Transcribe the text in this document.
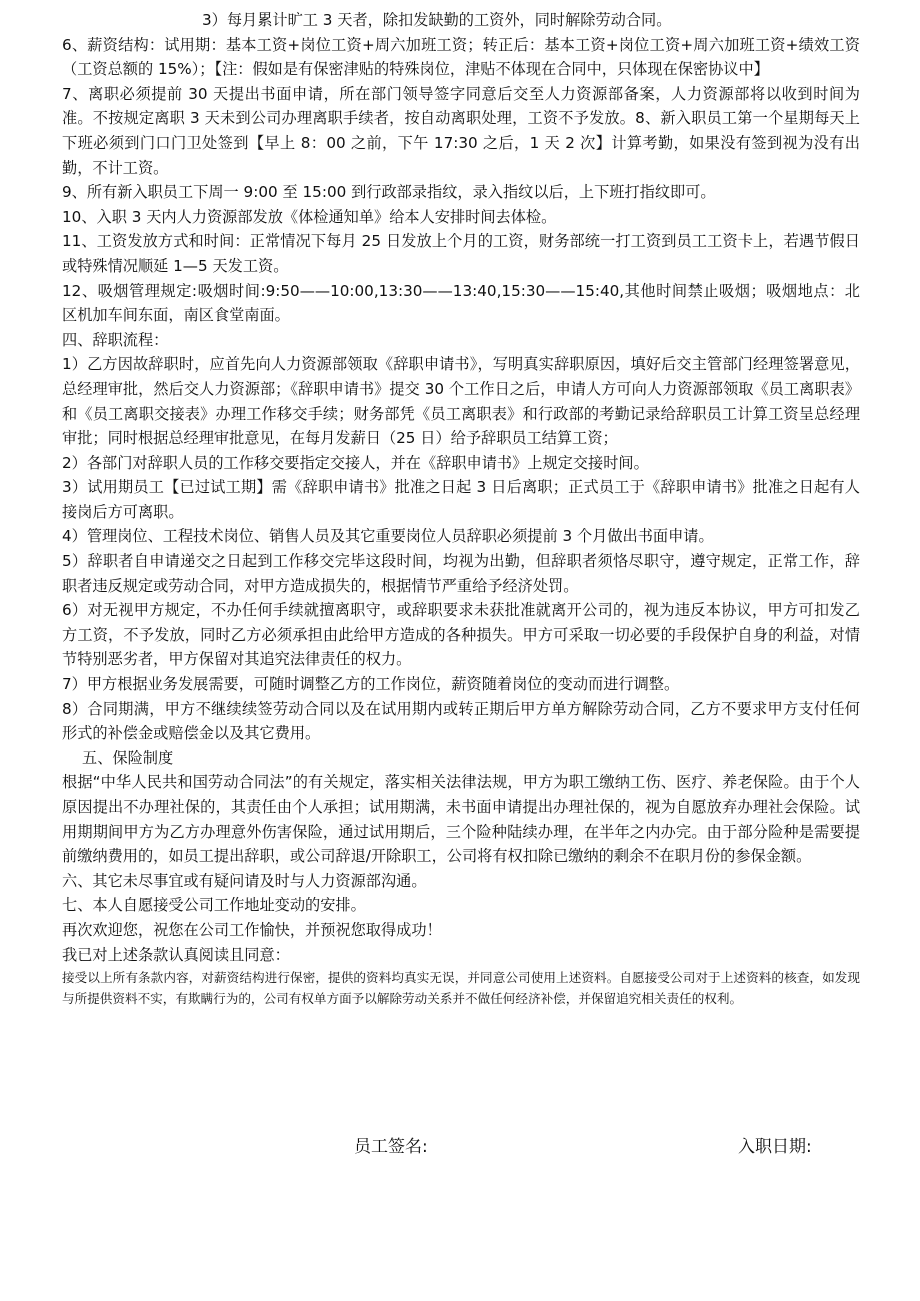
3）每月累计旷工 3 天者，除扣发缺勤的工资外，同时解除劳动合同。

6、薪资结构：试用期：基本工资+岗位工资+周六加班工资；转正后：基本工资+岗位工资+周六加班工资+绩效工资（工资总额的 15%）；【注：假如是有保密津贴的特殊岗位，津贴不体现在合同中，只体现在保密协议中】

7、离职必须提前 30 天提出书面申请，所在部门领导签字同意后交至人力资源部备案，人力资源部将以收到时间为准。不按规定离职 3 天未到公司办理离职手续者，按自动离职处理，工资不予发放。8、新入职员工第一个星期每天上下班必须到门口门卫处签到【早上 8：00 之前，下午 17:30 之后，1 天 2 次】计算考勤，如果没有签到视为没有出勤，不计工资。

9、所有新入职员工下周一 9:00 至 15:00 到行政部录指纹，录入指纹以后，上下班打指纹即可。

10、入职 3 天内人力资源部发放《体检通知单》给本人安排时间去体检。

11、工资发放方式和时间：正常情况下每月 25 日发放上个月的工资，财务部统一打工资到员工工资卡上，若遇节假日或特殊情况顺延 1—5 天发工资。

12、吸烟管理规定:吸烟时间:9:50——10:00,13:30——13:40,15:30——15:40,其他时间禁止吸烟；吸烟地点：北区机加车间东面，南区食堂南面。

四、辞职流程：

1）乙方因故辞职时，应首先向人力资源部领取《辞职申请书》，写明真实辞职原因，填好后交主管部门经理签署意见，总经理审批，然后交人力资源部；《辞职申请书》提交 30 个工作日之后，申请人方可向人力资源部领取《员工离职表》和《员工离职交接表》办理工作移交手续；财务部凭《员工离职表》和行政部的考勤记录给辞职员工计算工资呈总经理审批；同时根据总经理审批意见，在每月发薪日（25 日）给予辞职员工结算工资；

2）各部门对辞职人员的工作移交要指定交接人，并在《辞职申请书》上规定交接时间。

3）试用期员工【已过试工期】需《辞职申请书》批准之日起 3 日后离职；正式员工于《辞职申请书》批准之日起有人接岗后方可离职。

4）管理岗位、工程技术岗位、销售人员及其它重要岗位人员辞职必须提前 3 个月做出书面申请。

5）辞职者自申请递交之日起到工作移交完毕这段时间，均视为出勤，但辞职者须恪尽职守，遵守规定，正常工作，辞职者违反规定或劳动合同，对甲方造成损失的，根据情节严重给予经济处罚。

6）对无视甲方规定，不办任何手续就擅离职守，或辞职要求未获批准就离开公司的，视为违反本协议，甲方可扣发乙方工资，不予发放，同时乙方必须承担由此给甲方造成的各种损失。甲方可采取一切必要的手段保护自身的利益，对情节特别恶劣者，甲方保留对其追究法律责任的权力。

7）甲方根据业务发展需要，可随时调整乙方的工作岗位，薪资随着岗位的变动而进行调整。

8）合同期满，甲方不继续续签劳动合同以及在试用期内或转正期后甲方单方解除劳动合同，乙方不要求甲方支付任何形式的补偿金或赔偿金以及其它费用。

五、保险制度

根据“中华人民共和国劳动合同法”的有关规定，落实相关法律法规，甲方为职工缴纳工伤、医疗、养老保险。由于个人原因提出不办理社保的，其责任由个人承担；试用期满，未书面申请提出办理社保的，视为自愿放弃办理社会保险。试用期期间甲方为乙方办理意外伤害保险，通过试用期后，三个险种陆续办理，在半年之内办完。由于部分险种是需要提前缴纳费用的，如员工提出辞职，或公司辞退/开除职工，公司将有权扣除已缴纳的剩余不在职月份的参保金额。

六、其它未尽事宜或有疑问请及时与人力资源部沟通。

七、本人自愿接受公司工作地址变动的安排。

再次欢迎您，祝您在公司工作愉快，并预祝您取得成功！

我已对上述条款认真阅读且同意：

接受以上所有条款内容，对薪资结构进行保密，提供的资料均真实无误，并同意公司使用上述资料。自愿接受公司对于上述资料的核查，如发现与所提供资料不实，有欺瞒行为的，公司有权单方面予以解除劳动关系并不做任何经济补偿，并保留追究相关责任的权利。

员工签名:	入职日期:
